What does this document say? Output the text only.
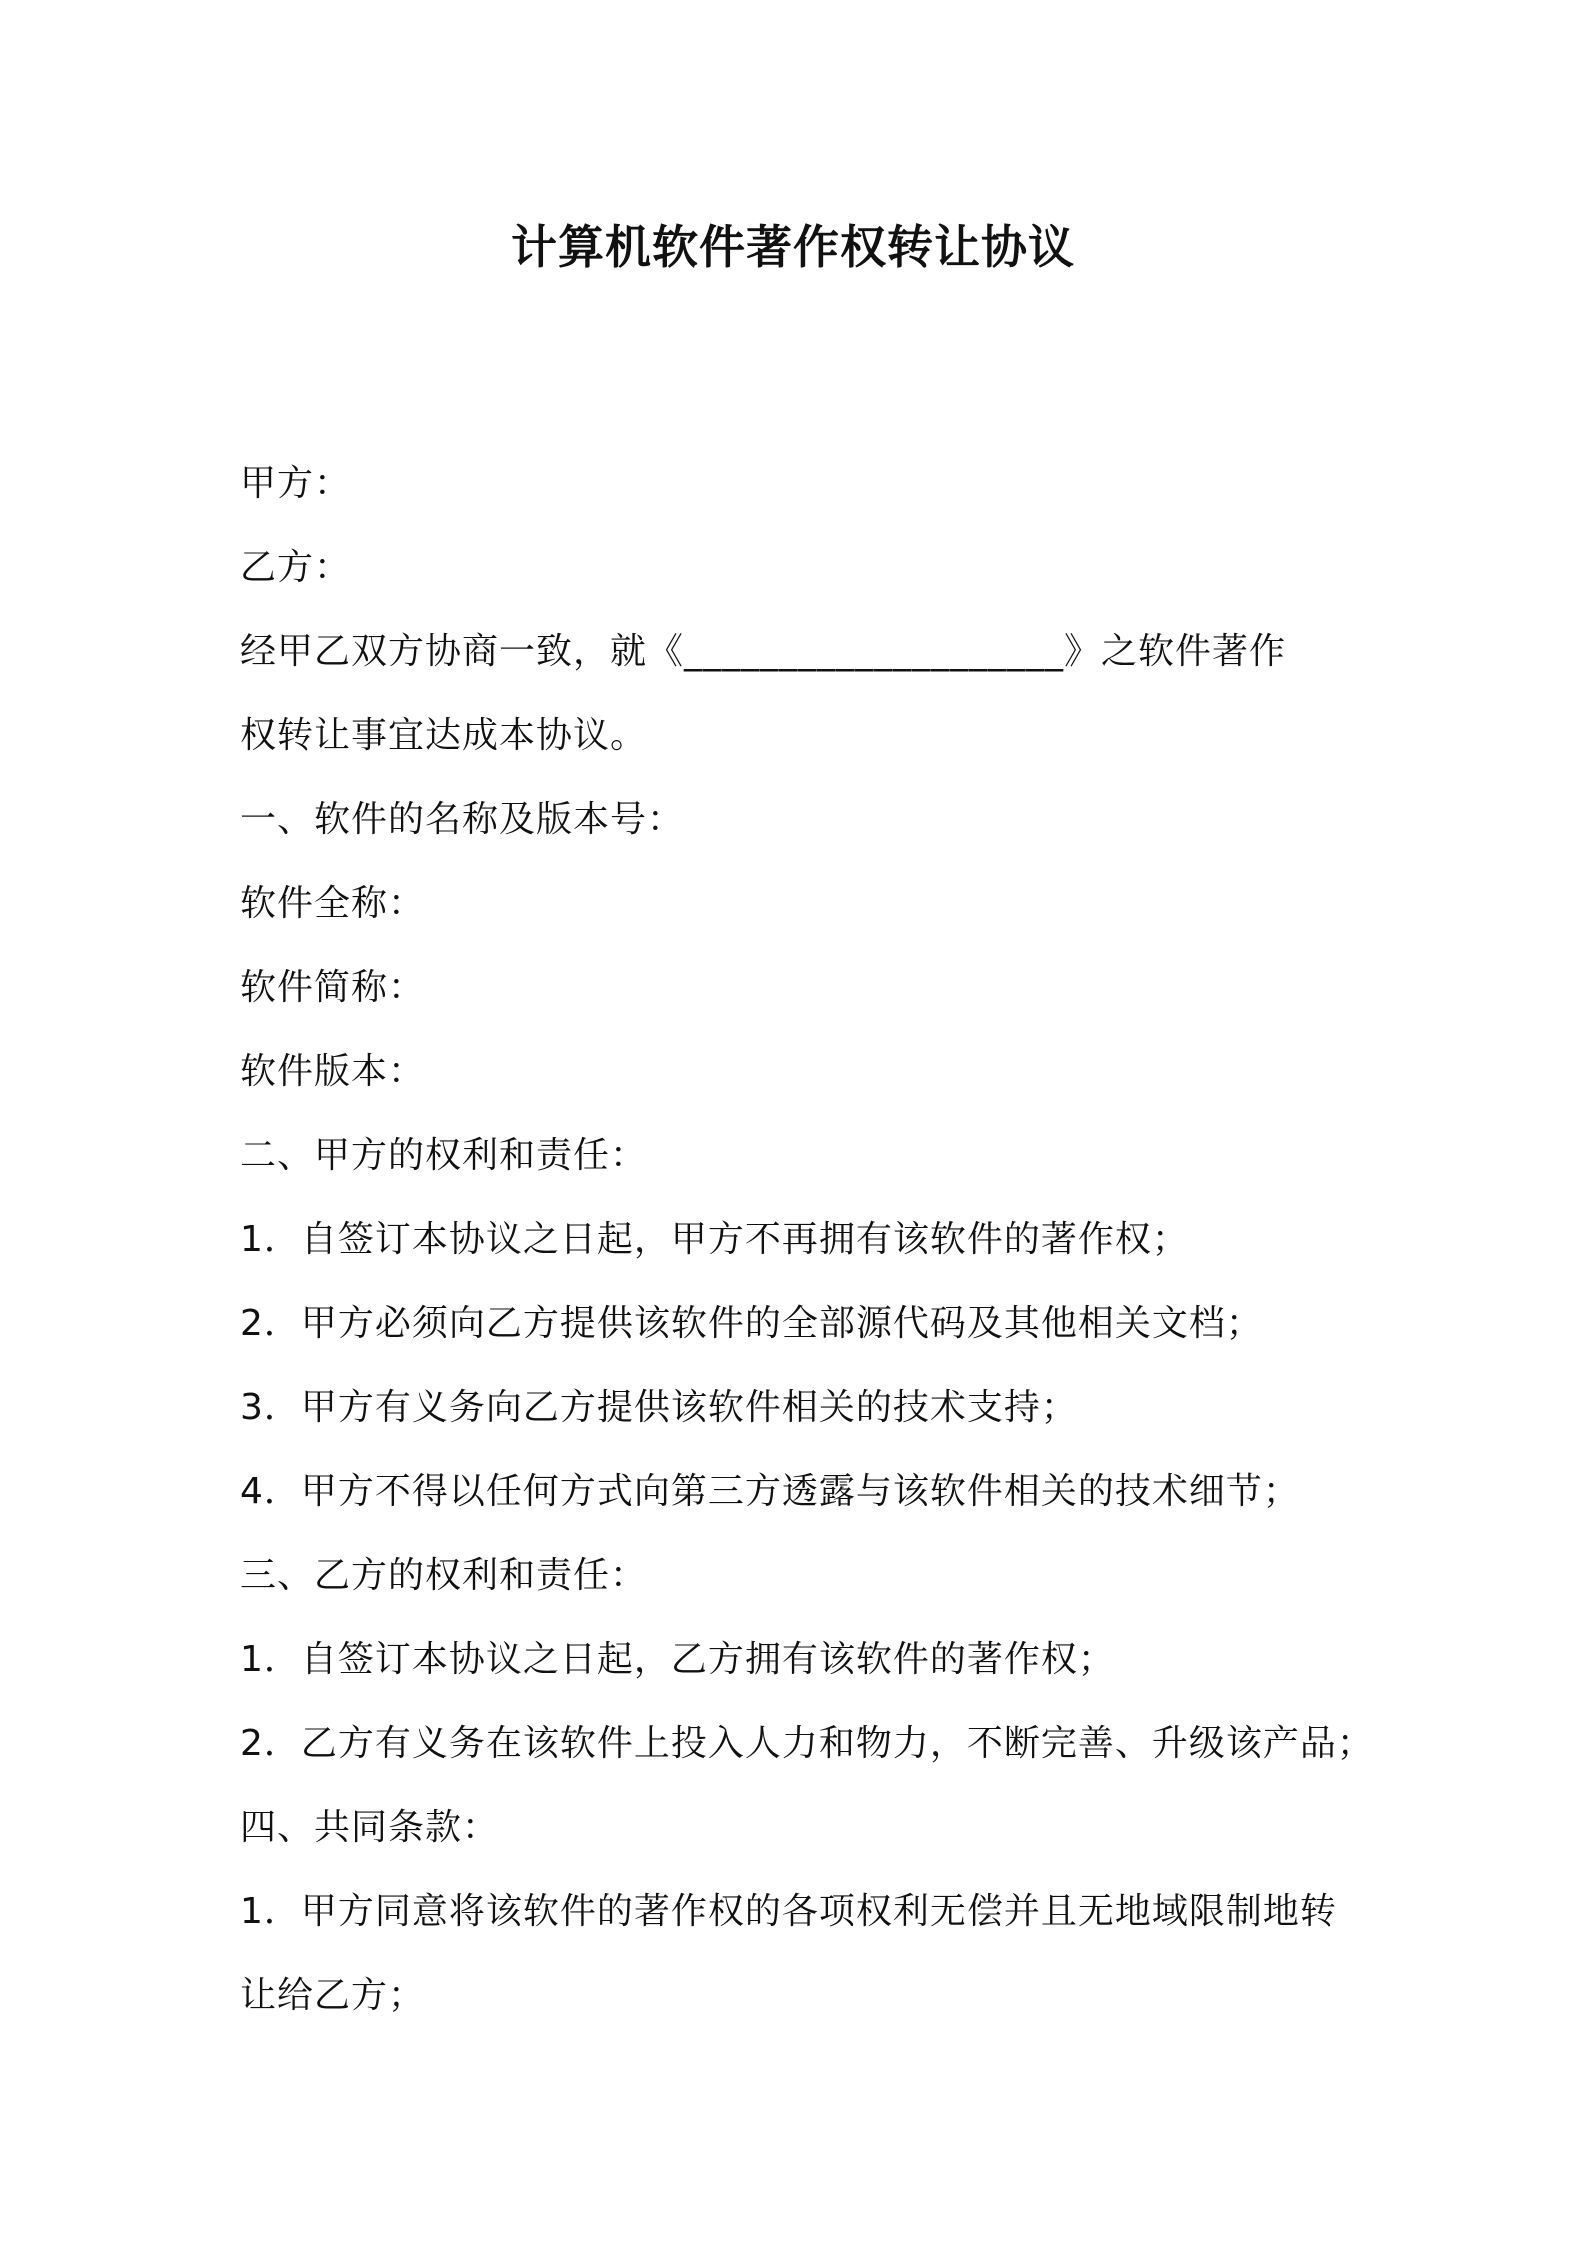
计算机软件著作权转让协议
甲方：
乙方：
经甲乙双方协商一致，就《____________________》之软件著作
权转让事宜达成本协议。
一、软件的名称及版本号：
软件全称：
软件简称：
软件版本：
二、甲方的权利和责任：
1．自签订本协议之日起，甲方不再拥有该软件的著作权；
2．甲方必须向乙方提供该软件的全部源代码及其他相关文档；
3．甲方有义务向乙方提供该软件相关的技术支持；
4．甲方不得以任何方式向第三方透露与该软件相关的技术细节；
三、乙方的权利和责任：
1．自签订本协议之日起，乙方拥有该软件的著作权；
2．乙方有义务在该软件上投入人力和物力，不断完善、升级该产品；
四、共同条款：
1．甲方同意将该软件的著作权的各项权利无偿并且无地域限制地转
让给乙方；
